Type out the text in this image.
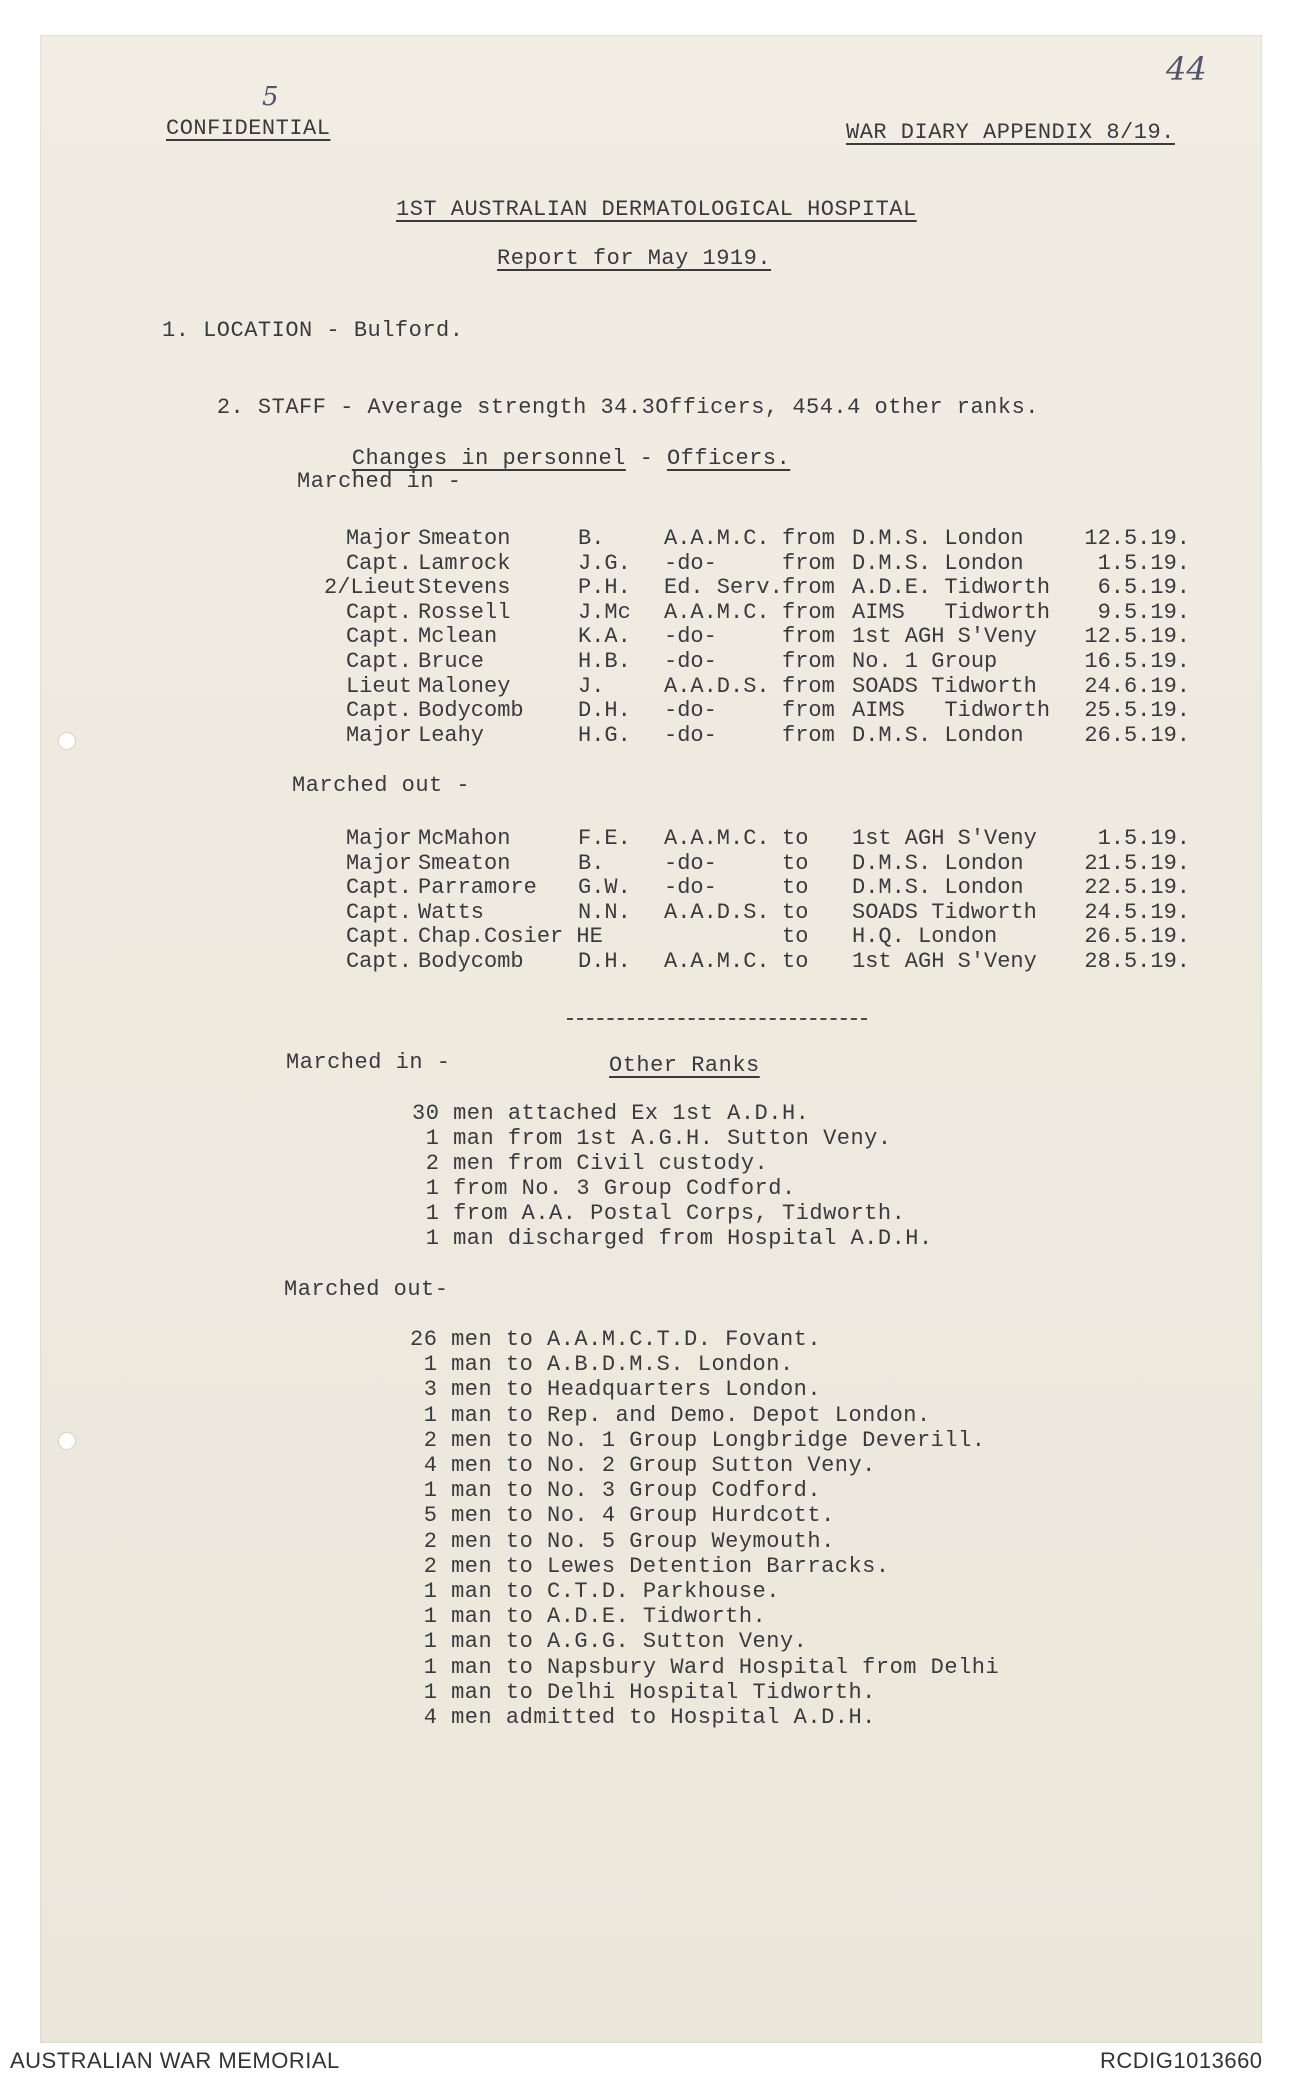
CONFIDENTIAL
5
WAR DIARY APPENDIX 8/19.
44
1ST AUSTRALIAN DERMATOLOGICAL HOSPITAL
Report for May 1919.
1. LOCATION - Bulford.

2. STAFF - Average strength 34.3Officers, 454.4 other ranks.

Changes in personnel - Officers.

Marched in -
Major Smeaton	B.	A.A.M.C. from D.M.S. London	12.5.19.
Capt. Lamrock	J.G. -do-	from D.M.S. London	1.5.19.
2/Lieut Stevens	P.H. Ed. Serv. from A.D.E. Tidworth	6.5.19.
Capt. Rossell	J.Mc A.A.M.C. from AIMS   Tidworth	9.5.19.
Capt. Mclean	K.A. -do-	from 1st AGH S'Veny	12.5.19.
Capt. Bruce	H.B. -do-	from No. 1 Group	16.5.19.
Lieut Maloney	J.	A.A.D.S. from SOADS Tidworth	24.6.19.
Capt. Bodycomb D.H. -do-	from AIMS   Tidworth	25.5.19.
Major Leahy	H.G. -do-	from D.M.S. London	26.5.19.
Marched out -
Major McMahon	F.E. A.A.M.C. to 1st AGH S'Veny	1.5.19.
Major Smeaton	B.	-do-	to D.M.S. London	21.5.19.
Capt. Parramore G.W. -do-	to D.M.S. London	22.5.19.
Capt. Watts	N.N. A.A.D.S. to SOADS Tidworth	24.5.19.
Capt. Chap.Cosier HE	to H.Q. London	26.5.19.
Capt. Bodycomb D.H. A.A.M.C. to 1st AGH S'Veny	28.5.19.
Marched in -	Other Ranks
30 men attached Ex 1st A.D.H.
1 man from 1st A.G.H. Sutton Veny.
2 men from Civil custody.
1 from No. 3 Group Codford.
1 from A.A. Postal Corps, Tidworth.
1 man discharged from Hospital A.D.H.
Marched out-
26 men to A.A.M.C.T.D. Fovant.
1 man to A.B.D.M.S. London.
3 men to Headquarters London.
1 man to Rep. and Demo. Depot London.
2 men to No. 1 Group Longbridge Deverill.
4 men to No. 2 Group Sutton Veny.
1 man to No. 3 Group Codford.
5 men to No. 4 Group Hurdcott.
2 men to No. 5 Group Weymouth.
2 men to Lewes Detention Barracks.
1 man to C.T.D. Parkhouse.
1 man to A.D.E. Tidworth.
1 man to A.G.G. Sutton Veny.
1 man to Napsbury Ward Hospital from Delhi
1 man to Delhi Hospital Tidworth.
4 men admitted to Hospital A.D.H.
AUSTRALIAN WAR MEMORIAL	RCDIG1013660
